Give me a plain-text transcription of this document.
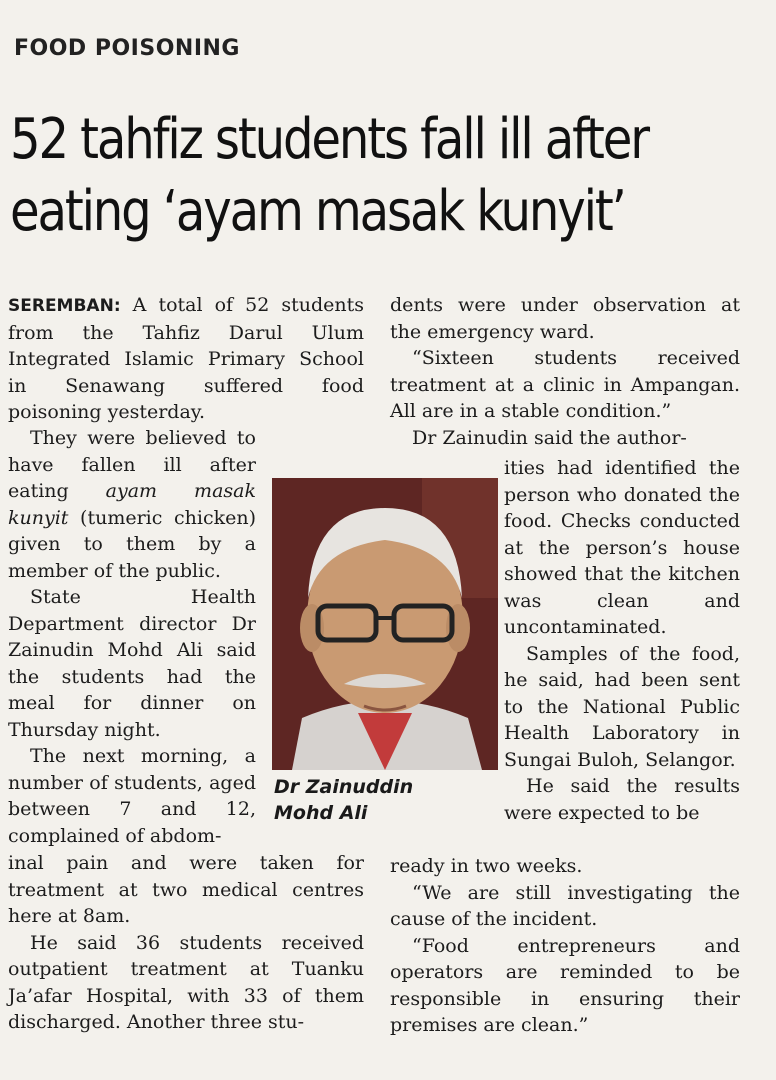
FOOD POISONING
52 tahfiz students fall ill after
eating ‘ayam masak kunyit’

SEREMBAN: A total of 52 students from the Tahfiz Darul Ulum Integrated Islamic Primary School in Senawang suffered food poisoning yesterday.

They were believed to have fallen ill after eating ayam masak kunyit (tumeric chicken) given to them by a member of the public.

State Health Department director Dr Zainudin Mohd Ali said the students had the meal for dinner on Thursday night.

The next morning, a number of students, aged between 7 and 12, complained of abdom-

inal pain and were taken for treatment at two medical centres here at 8am.

He said 36 students received outpatient treatment at Tuanku Ja’afar Hospital, with 33 of them discharged. Another three stu-

Dr Zainuddin
Mohd Ali

dents were under observation at the emergency ward.

“Sixteen students received treatment at a clinic in Ampangan. All are in a stable condition.”

Dr Zainudin said the author-

ities had identified the person who donated the food. Checks conducted at the person’s house showed that the kitchen was clean and uncontaminated.

Samples of the food, he said, had been sent to the National Public Health Laboratory in Sungai Buloh, Selangor.

He said the results were expected to be

ready in two weeks.

“We are still investigating the cause of the incident.

“Food entrepreneurs and operators are reminded to be responsible in ensuring their premises are clean.”
